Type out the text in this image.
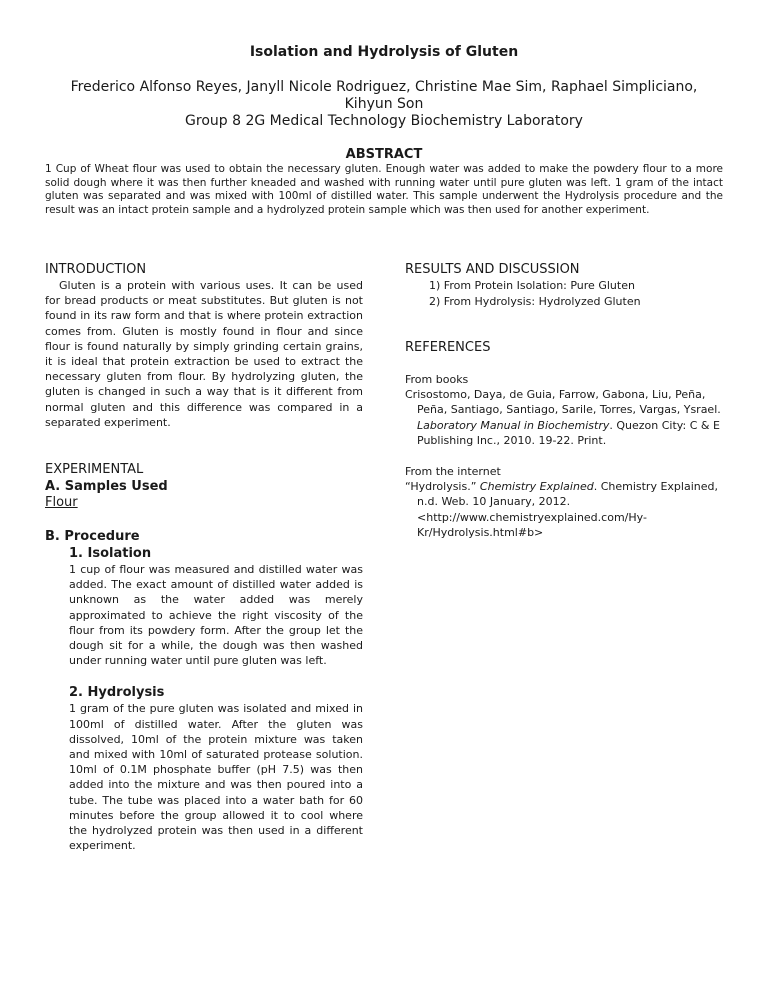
Isolation and Hydrolysis of Gluten
Frederico Alfonso Reyes, Janyll Nicole Rodriguez, Christine Mae Sim, Raphael Simpliciano, Kihyun Son
Group 8 2G Medical Technology Biochemistry Laboratory
ABSTRACT
1 Cup of Wheat flour was used to obtain the necessary gluten. Enough water was added to make the powdery flour to a more solid dough where it was then further kneaded and washed with running water until pure gluten was left. 1 gram of the intact gluten was separated and was mixed with 100ml of distilled water. This sample underwent the Hydrolysis procedure and the result was an intact protein sample and a hydrolyzed protein sample which was then used for another experiment.

INTRODUCTION

Gluten is a protein with various uses. It can be used for bread products or meat substitutes. But gluten is not found in its raw form and that is where protein extraction comes from. Gluten is mostly found in flour and since flour is found naturally by simply grinding certain grains, it is ideal that protein extraction be used to extract the necessary gluten from flour. By hydrolyzing gluten, the gluten is changed in such a way that is it different from normal gluten and this difference was compared in a separated experiment.

EXPERIMENTAL

A. Samples Used

Flour

B. Procedure

1. Isolation

1 cup of flour was measured and distilled water was added. The exact amount of distilled water added is unknown as the water added was merely approximated to achieve the right viscosity of the flour from its powdery form. After the group let the dough sit for a while, the dough was then washed under running water until pure gluten was left.

2. Hydrolysis

1 gram of the pure gluten was isolated and mixed in 100ml of distilled water. After the gluten was dissolved, 10ml of the protein mixture was taken and mixed with 10ml of saturated protease solution. 10ml of 0.1M phosphate buffer (pH 7.5) was then added into the mixture and was then poured into a tube. The tube was placed into a water bath for 60 minutes before the group allowed it to cool where the hydrolyzed protein was then used in a different experiment.

RESULTS AND DISCUSSION

1) From Protein Isolation: Pure Gluten
2) From Hydrolysis: Hydrolyzed Gluten

REFERENCES

From books

Crisostomo, Daya, de Guia, Farrow, Gabona, Liu, Peña, Peña, Santiago, Santiago, Sarile, Torres, Vargas, Ysrael. Laboratory Manual in Biochemistry. Quezon City: C & E Publishing Inc., 2010. 19-22. Print.

From the internet

“Hydrolysis.” Chemistry Explained. Chemistry Explained, n.d. Web. 10 January, 2012. <http://www.chemistryexplained.com/Hy-Kr/Hydrolysis.html#b>
